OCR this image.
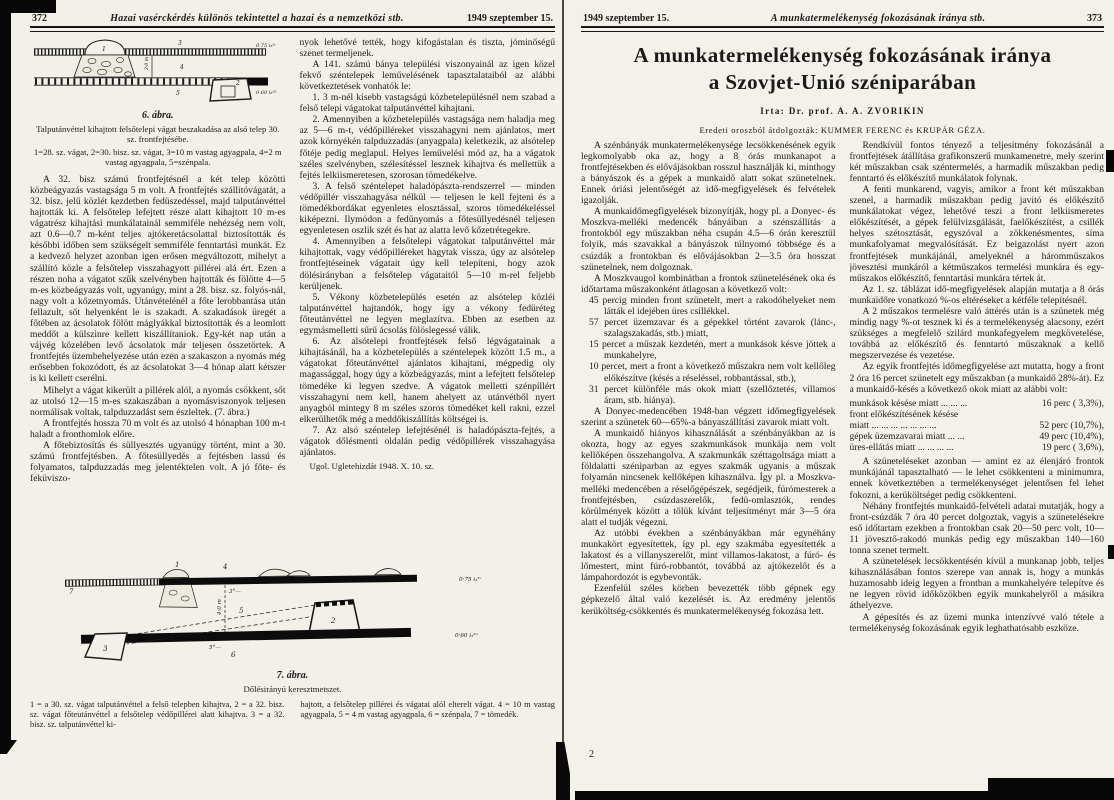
372	Hazai vasérckérdés különös tekintettel a hazai és a nemzetközi stb.	1949 szeptember 15.
2·0 m
1
2
3
4
5
0·75 i₃²ᵛ
0·60 i₃²⁰
6. ábra.
Talputánvéttel kihajtott felsőtelepi vágat beszakadása az alsó telep 30. sz. frontfejtésébe.
1=28. sz. vágat, 2=30. bisz. sz. vágat, 3=10 m vastag agyagpala, 4=2 m vastag agyagpala, 5=szénpala.

A 32. bisz számú frontfejtésnél a két telep közötti közbeágyazás vastagsága 5 m volt. A frontfejtés szállítóvágatát, a 32. bisz. jelű közlét kezdetben fedüszedéssel, majd talputánvéttel hajtották ki. A felsőtelep lefejtett része alatt kihajtott 10 m-es vágatrész kihajtási munkálatainál semmiféle nehézség nem volt, azt 0.6—0.7 m-ként teljes ajtókeretácsolattal biztosították és későbbi időben sem szükségelt semmiféle fenntartási munkát. Ez a kedvező helyzet azonban igen erősen megváltozott, mihelyt a szállító közle a felsőtelep visszahagyott pillérei alá ért. Ezen a részen noha a vágatot szűk szelvényben hajtották és fölötte 4—5 m-es közbeágyazás volt, ugyanúgy, mint a 28. bisz. sz. folyós-nál, nagy volt a kőzetnyomás. Utánvételénél a főte lerobbantása után fellazult, sőt helyenként le is szakadt. A szakadások üregét a főtében az ácsolatok fölött máglyákkal biztosították és a leomlott meddőt a külszinre kellett kiszállítaniok. Egy-két nap után a vájvég közelében levő ácsolatok már teljesen összetörtek. A frontfejtés üzembehelyezése után ezen a szakaszon a nyomás még erősebben fokozódott, és az ácsolatokat 3—4 hónap alatt kétszer is ki kellett cserélni.

Mihelyt a vágat kikerült a pillérek alól, a nyomás csökkent, sőt az utolsó 12—15 m-es szakaszában a nyomásviszonyok teljesen normálisak voltak, talpduzzadást sem észleltek. (7. ábra.)

A frontfejtés hossza 70 m volt és az utolsó 4 hónapban 100 m-t haladt a fronthomlok előre.

A főtebiztosítás és süllyesztés ugyanúgy történt, mint a 30. számú frontfejtésben. A főtesüllyedés a fejtésben lassú és folyamatos, talpduzzadás meg jelentéktelen volt. A jó főte- és feküviszo-

nyok lehetővé tették, hogy kifogástalan és tiszta, jóminőségű szenet termeljenek.

A 141. számú bánya települési viszonyainál az igen közel fekvő széntelepek leművelésének tapasztalataiból az alábbi következtetések vonhatók le:

1. 3 m-nél kisebb vastagságú közbetelepülésnél nem szabad a felső telepi vágatokat talputánvéttel kihajtani.

2. Amennyiben a közbetelepülés vastagsága nem haladja meg az 5—6 m-t, védőpilléreket visszahagyni nem ajánlatos, mert azok környékén talpduzzadás (anyagpala) keletkezik, az alsótelep főtéje pedig meglapul. Helyes leművelési mód az, ha a vágatok széles szelvényben, szélesítéssel lesznek kihajtva és mellettük a fejtés lelkiismeretesen, szorosan tömedékelve.

3. A felső széntelepet haladópászta-rendszerrel — minden védőpillér visszahagyása nélkül — teljesen le kell fejteni és a tömedékbordákat egyenletes elosztással, szoros tömedékeléssel kiképezni. Ilymódon a fedünyomás a főtesüllyedésnél teljesen egyenletesen oszlik szét és hat az alatta levő kőzetrétegekre.

4. Amennyiben a felsőtelepi vágatokat talputánvéttel már kihajtottak, vagy védőpilléreket hagytak vissza, úgy az alsótelep frontfejtéseinek vágatait úgy kell telepíteni, hogy azok dölésirányban a felsőtelep vágataitól 5—10 m-rel feljebb kerüljenek.

5. Vékony közbetelepülés esetén az alsótelep közléi talputánvéttel hajtandók, hogy így a vékony fedüréteg főteutánvéttel ne legyen meglazítva. Ebben az esetben az egymásmelletti sűrű ácsolás fölöslegessé válik.

6. Az alsótelepi frontfejtések felső légvágatainak a kihajtásánál, ha a közbetelepülés a széntelepek között 1.5 m., a vágatokat főteutánvéttel ajánlatos kihajtani, mégpedig oly magassággal, hogy úgy a közbeágyazás, mint a lefejtett felsőtelep tömedéke ki legyen szedve. A vágatok melletti szénpillért visszahagyni nem kell, hanem ahelyett az utánvétből nyert anyagból mintegy 8 m széles szoros tömedéket kell rakni, ezzel elkerülhetők még a meddőkiszállítás költségei is.

7. Az alsó széntelep lefejtésénél is haladópászta-fejtés, a vágatok dőlésmenti oldalán pedig védőpillérek visszahagyása ajánlatos.

Ugol. Ugletehizdát 1948. X. 10. sz.

1	4
5
2
3
6
7	3°—
5°—
4·0 m
0·75 i₃²ᵛ
0·60 i₃²ⁿ
7. ábra.
Dőlésirányú keresztmetszet.
1 = a 30. sz. vágat talputánvéttel a felső telepben kihajtva, 2 = a 32. bisz. sz. vágat főteutánvéttel a felsőtelep védőpillérei alatt kihajtva. 3 = a 32. bisz. sz. talputánvéttel ki-
hajtott, a felsőtelep pillérei és vágatai alól elterelt vágat. 4 = 10 m vastag agyagpala, 5 = 4 m vastag agyagpala, 6 = szénpala, 7 = tömedék.
1949 szeptember 15.	A munkatermelékenység fokozásának iránya stb.	373
A munkatermelékenység fokozásának iránya
a Szovjet-Unió széniparában
Irta: Dr. prof. A. A. ZVORIKIN
Eredeti oroszból átdolgozták: KUMMER FERENC és KRUPÁR GÉZA.

A szénbányák munkatermelékenysége lecsökkenésének egyik legkomolyabb oka az, hogy a 8 órás munkanapot a frontfejtésekben és elővájásokban rosszul használják ki, minthogy a bányászok és a gépek a munkaidő alatt sokat szünetelnek. Ennek óriási jelentőségét az idő-megfigyelések és felvételek igazolják.

A munkaidőmegfigyelések bizonyítják, hogy pl. a Donyec- és Moszkva-melléki medencék bányáiban a szénszállítás a frontokból egy műszakban néha csupán 4.5—6 órán keresztül folyik, más szavakkal a bányászok túlnyomó többsége és a csúzdák a frontokban és elővájásokban 2—3.5 óra hosszat szünetelnek, nem dolgoznak.

A Moszkvaugol kombinátban a frontok szünetelésének oka és időtartama műszakonként átlagosan a következő volt:

45 percig minden front szünetelt, mert a rakodóhelyeket nem látták el idejében üres csillékkel.

57 percet üzemzavar és a gépekkel történt zavarok (lánc-, szalagszakadás, stb.) miatt,

15 percet a műszak kezdetén, mert a munkások késve jöttek a munkahelyre,

10 percet, mert a front a következő műszakra nem volt kellőleg előkészítve (késés a réseléssel, robbantással, stb.),

31 percet különféle más okok miatt (szellőztetés, villamos áram, stb. hiánya).

A Donyec-medencében 1948-ban végzett időmegfigyelések szerint a szünetek 60—65%-a bányaszállítási zavarok miatt volt.

A munkaidő hiányos kihasználását a szénbányákban az is okozta, hogy az egyes szakmunkások munkája nem volt kellőképen összehangolva. A szakmunkák széttagoltsága miatt a földalatti széniparban az egyes szakmák ugyanis a műszak folyamán nincsenek kellőképen kihasználva. Így pl. a Moszkva-melléki medencében a réselőgépészek, segédjeik, fúrómesterek a frontfejtésben, csúzdaszerelők, fedü-omlasztók, rendes körülmények között a tőlük kívánt teljesítményt már 3—5 óra alatt el tudják végezni.

Az utóbbi években a szénbányákban már egynéhány munkakört egyesítettek, így pl. egy szakmába egyesítették a lakatost és a villanyszerelőt, mint villamos-lakatost, a fúró- és lőmestert, mint fúró-robbantót, továbbá az ajtókezelőt és a lámpahordozót is egybevonták.

Ezenfelül széles körben bevezették több gépnek egy gépkezelő által való kezelését is. Az eredmény jelentős kerüköltség-csökkentés és munkatermelékenység fokozása lett.

Rendkívül fontos tényező a teljesítmény fokozásánál a frontfejtések átállítása grafikonszerű munkamenetre, mely szerint két műszakban csak széntermelés, a harmadik műszakban pedig fenntartó és előkészítő munkálatok folynak.

A fenti munkarend, vagyis, amikor a front két műszakban szenel, a harmadik műszakban pedig javító és előkészítő munkálatokat végez, lehetővé teszi a front lelkiismeretes előkészítését, a gépek felülvizsgálását, faelőkészítést, a csillék helyes szétosztását, egyszóval a zökkenésmentes, síma munkafolyamat megvalósítását. Ez beigazolást nyert azon frontfejtések munkájánál, amelyeknél a háromműszakos jövesztési munkáról a kétműszakos termelési munkára és egy-műszakos előkészítő, fenntartási munkára tértek át.

Az 1. sz. táblázat idő-megfigyelések alapján mutatja a 8 órás munkaidőre vonatkozó %-os eltéréseket a kétféle telepítésnél.

A 2 műszakos termelésre való áttérés után is a szünetek még mindig nagy %-ot tesznek ki és a termelékenység alacsony, ezért szükséges a megfelelő szilárd munkafegyelem megkövetelése, továbbá az előkészítő és fenntartó műszaknak a kellő megszervezése és vezetése.

Az egyik frontfejtés időmegfigyelése azt mutatta, hogy a front 2 óra 16 percet szünetelt egy műszakban (a munkaidő 28%-át). Ez a munkaidő-késés a következő okok miatt az alábbi volt:

munkások késése miatt ... ... ...	16 perc ( 3,3%),
front előkészítésének késése
miatt ... ... ... ... ... ... ...	52 perc (10,7%),
gépek üzemzavarai miatt ... ...	49 perc (10,4%),
üres-ellátás miatt ... ... ... ...	19 perc ( 3,6%),

A szüneteléseket azonban — amint ez az élenjáró frontok munkájánál tapasztalható — le lehet csökkenteni a minimumra, ennek következtében a termelékenységet jelentősen fel lehet fokozni, a kerüköltséget pedig csökkenteni.

Néhány frontfejtés munkaidő-felvételi adatai mutatják, hogy a front-csúzdák 7 óra 40 percet dolgoztak, vagyis a szünetelésekre eső időtartam ezekben a frontokban csak 20—50 perc volt, 10—11 jövesztő-rakodó munkás pedig egy műszakban 140—160 tonna szenet termelt.

A szünetelések lecsökkentésén kívül a munkanap jobb, teljes kihasználásában fontos szerepe van annak is, hogy a munkás huzamosabb ideig legyen a frontban a munkahelyére telepítve és ne legyen rövid időközökben egyik munkahelyről a másikra áthelyezve.

A gépesítés és az üzemi munka intenzívvé való tétele a termelékenység fokozásának egyik leghathatósabb eszköze.

2
